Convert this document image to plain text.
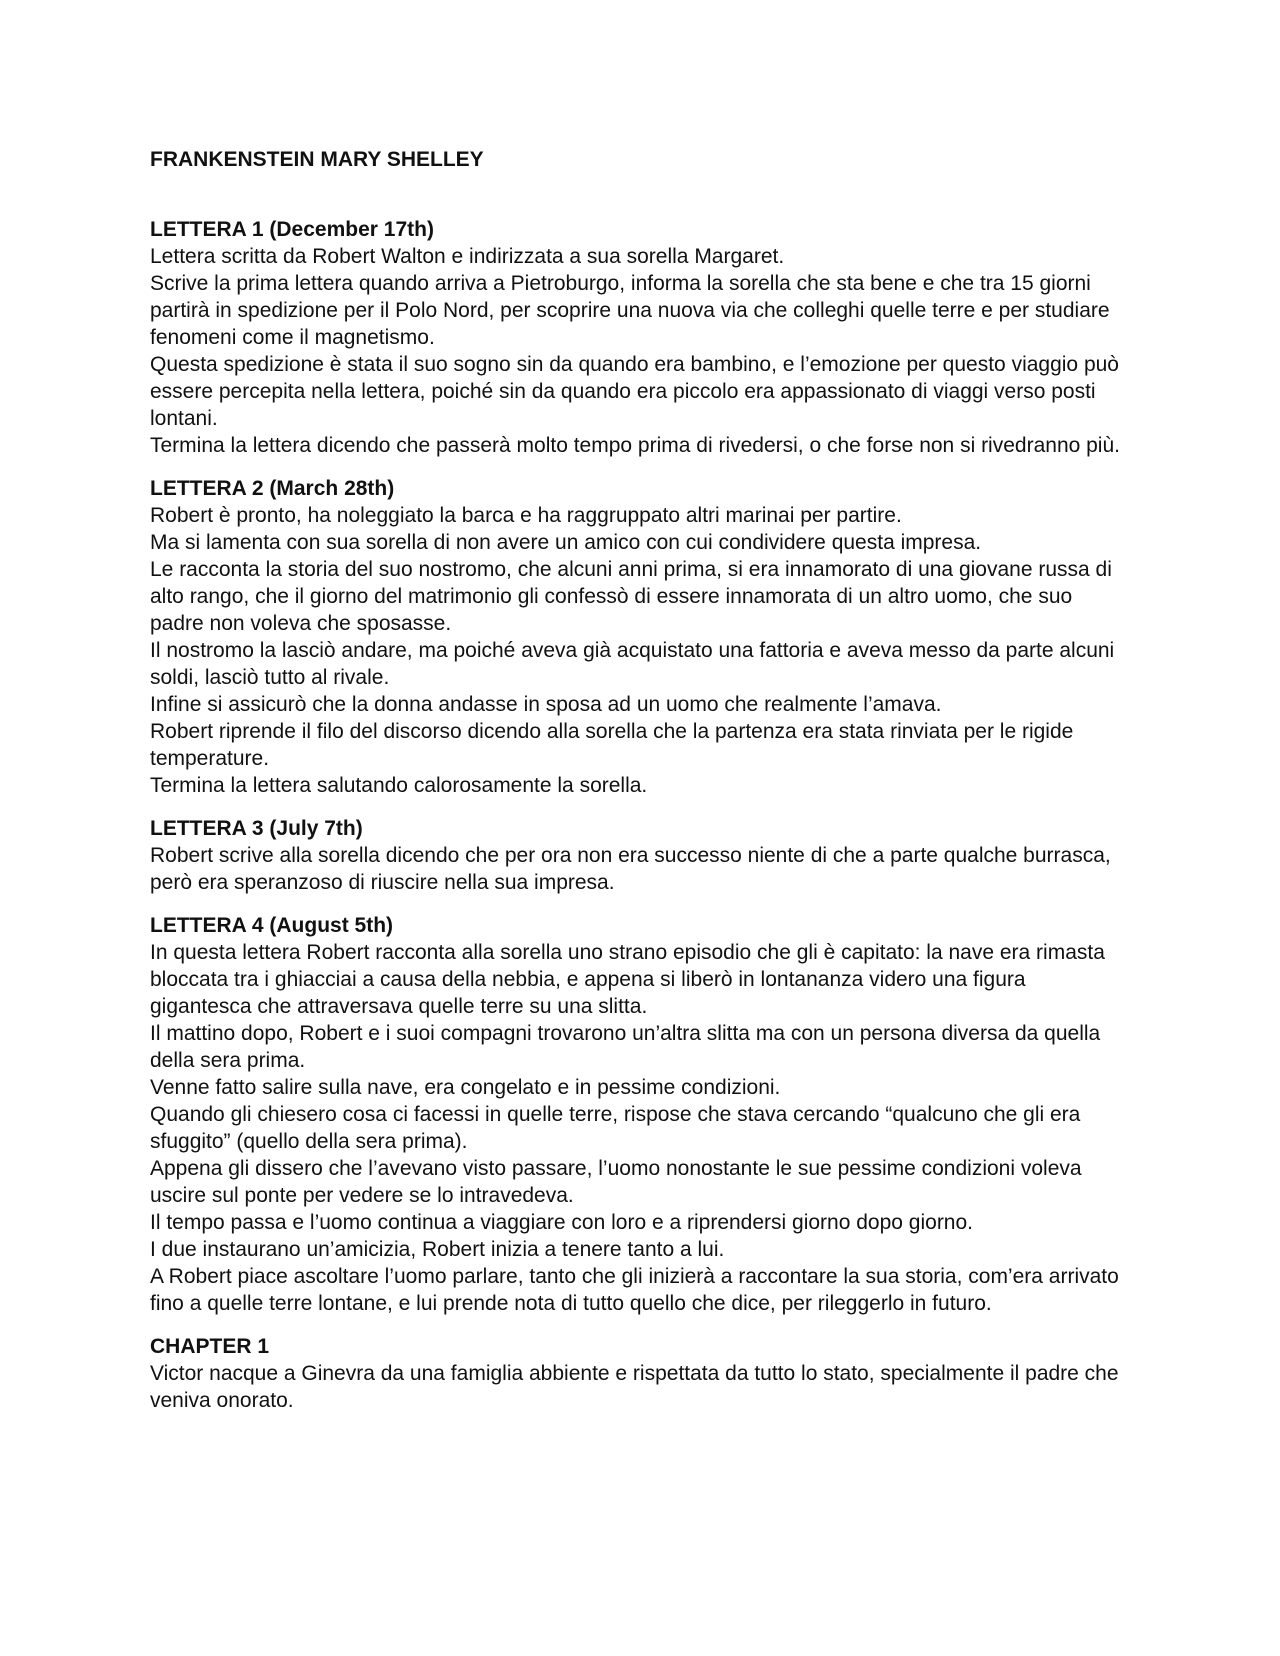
FRANKENSTEIN MARY SHELLEY
LETTERA 1 (December 17th)
Lettera scritta da Robert Walton e indirizzata a sua sorella Margaret.
Scrive la prima lettera quando arriva a Pietroburgo, informa la sorella che sta bene e che tra 15 giorni partirà in spedizione per il Polo Nord, per scoprire una nuova via che colleghi quelle terre e per studiare fenomeni come il magnetismo.
Questa spedizione è stata il suo sogno sin da quando era bambino, e l’emozione per questo viaggio può essere percepita nella lettera, poiché sin da quando era piccolo era appassionato di viaggi verso posti lontani.
Termina la lettera dicendo che passerà molto tempo prima di rivedersi, o che forse non si rivedranno più.
LETTERA 2 (March 28th)
Robert è pronto, ha noleggiato la barca e ha raggruppato altri marinai per partire.
Ma si lamenta con sua sorella di non avere un amico con cui condividere questa impresa.
Le racconta la storia del suo nostromo, che alcuni anni prima, si era innamorato di una giovane russa di alto rango, che il giorno del matrimonio gli confessò di essere innamorata di un altro uomo, che suo padre non voleva che sposasse.
Il nostromo la lasciò andare, ma poiché aveva già acquistato una fattoria e aveva messo da parte alcuni soldi, lasciò tutto al rivale.
Infine si assicurò che la donna andasse in sposa ad un uomo che realmente l’amava.
Robert riprende il filo del discorso dicendo alla sorella che la partenza era stata rinviata per le rigide temperature.
Termina la lettera salutando calorosamente la sorella.
LETTERA 3 (July 7th)
Robert scrive alla sorella dicendo che per ora non era successo niente di che a parte qualche burrasca, però era speranzoso di riuscire nella sua impresa.
LETTERA 4 (August 5th)
In questa lettera Robert racconta alla sorella uno strano episodio che gli è capitato: la nave era rimasta bloccata tra i ghiacciai a causa della nebbia, e appena si liberò in lontananza videro una figura gigantesca che attraversava quelle terre su una slitta.
Il mattino dopo, Robert e i suoi compagni trovarono un’altra slitta ma con un persona diversa da quella della sera prima.
Venne fatto salire sulla nave, era congelato e in pessime condizioni.
Quando gli chiesero cosa ci facessi in quelle terre, rispose che stava cercando “qualcuno che gli era sfuggito” (quello della sera prima).
Appena gli dissero che l’avevano visto passare, l’uomo nonostante le sue pessime condizioni voleva uscire sul ponte per vedere se lo intravedeva.
Il tempo passa e l’uomo continua a viaggiare con loro e a riprendersi giorno dopo giorno.
I due instaurano un’amicizia, Robert inizia a tenere tanto a lui.
A Robert piace ascoltare l’uomo parlare, tanto che gli inizierà a raccontare la sua storia, com’era arrivato fino a quelle terre lontane, e lui prende nota di tutto quello che dice, per rileggerlo in futuro.
CHAPTER 1
Victor nacque a Ginevra da una famiglia abbiente e rispettata da tutto lo stato, specialmente il padre che veniva onorato.
